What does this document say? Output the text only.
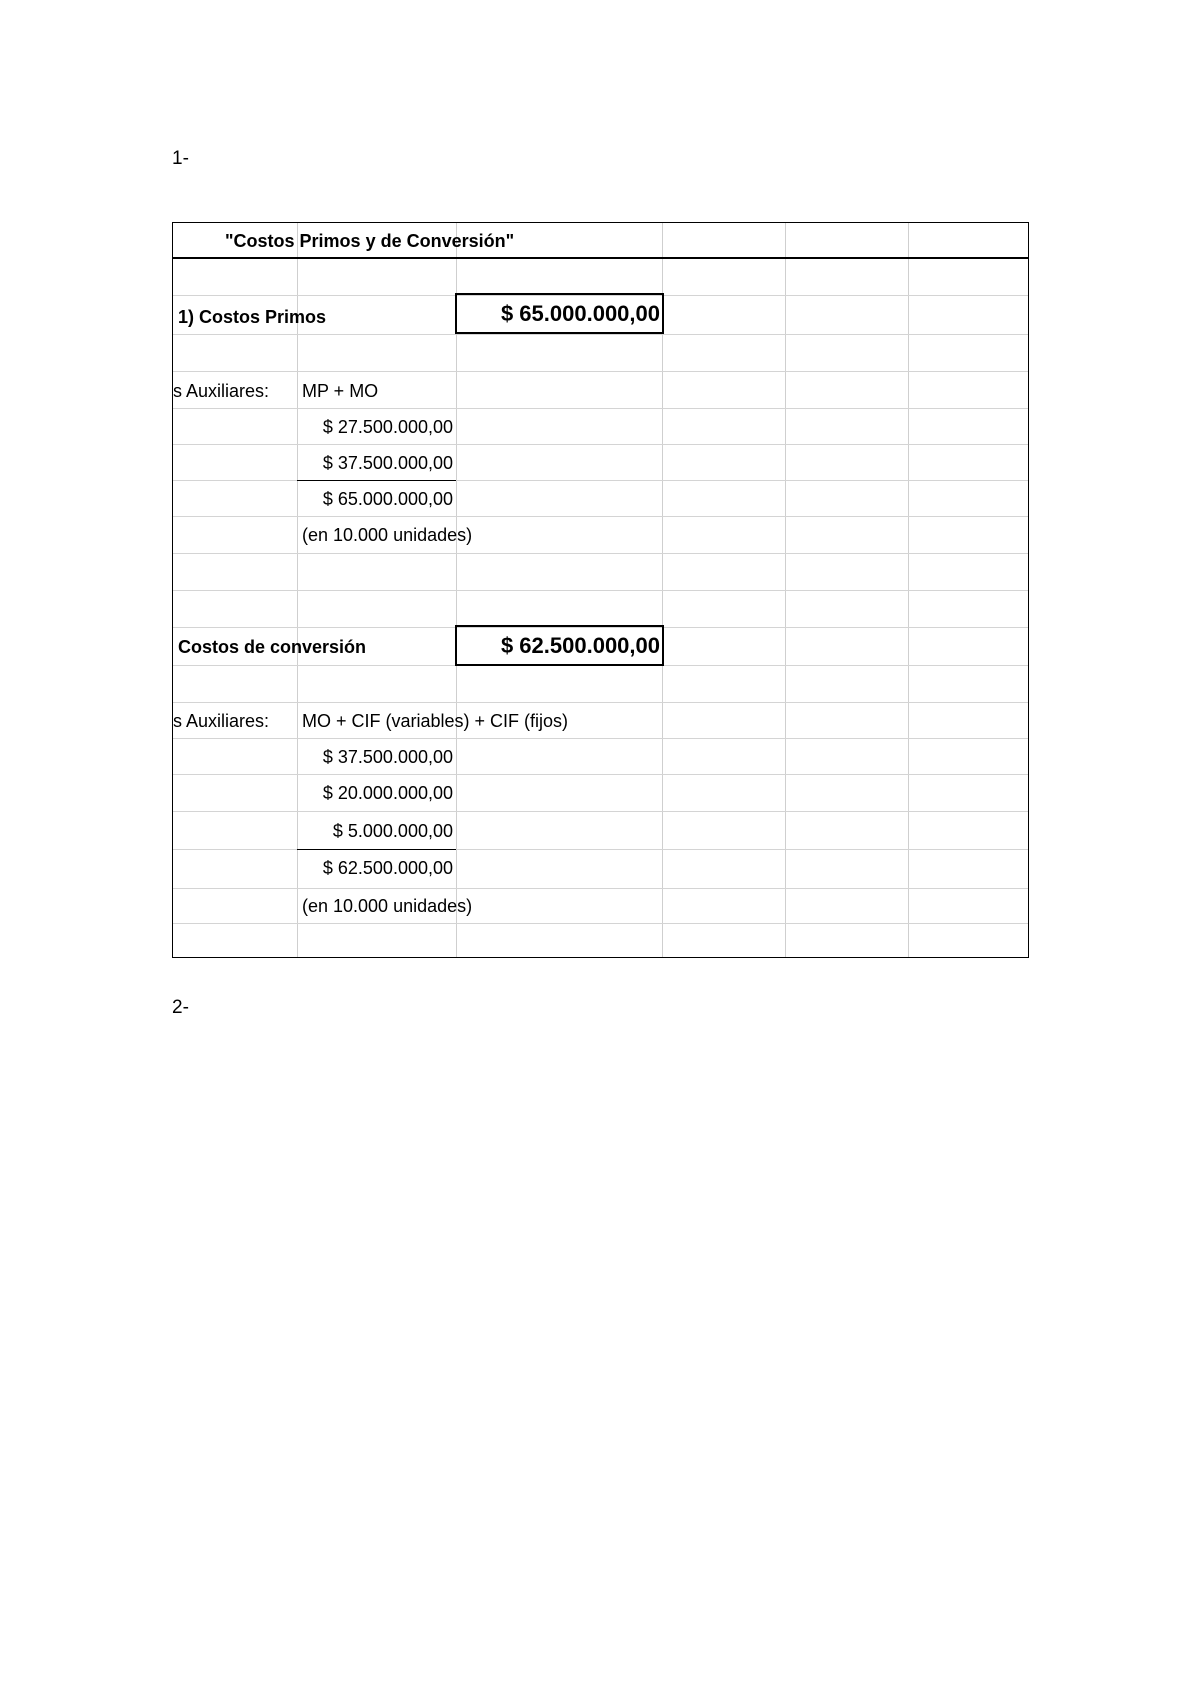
1-
"Costos Primos y de Conversión"
1) Costos Primos	$ 65.000.000,00
s Auxiliares: MP + MO
$ 27.500.000,00
$ 37.500.000,00
$ 65.000.000,00
(en 10.000 unidades)
Costos de conversión	$ 62.500.000,00
s Auxiliares: MO + CIF (variables) + CIF (fijos)
$ 37.500.000,00
$ 20.000.000,00
$ 5.000.000,00
$ 62.500.000,00
(en 10.000 unidades)
2-
